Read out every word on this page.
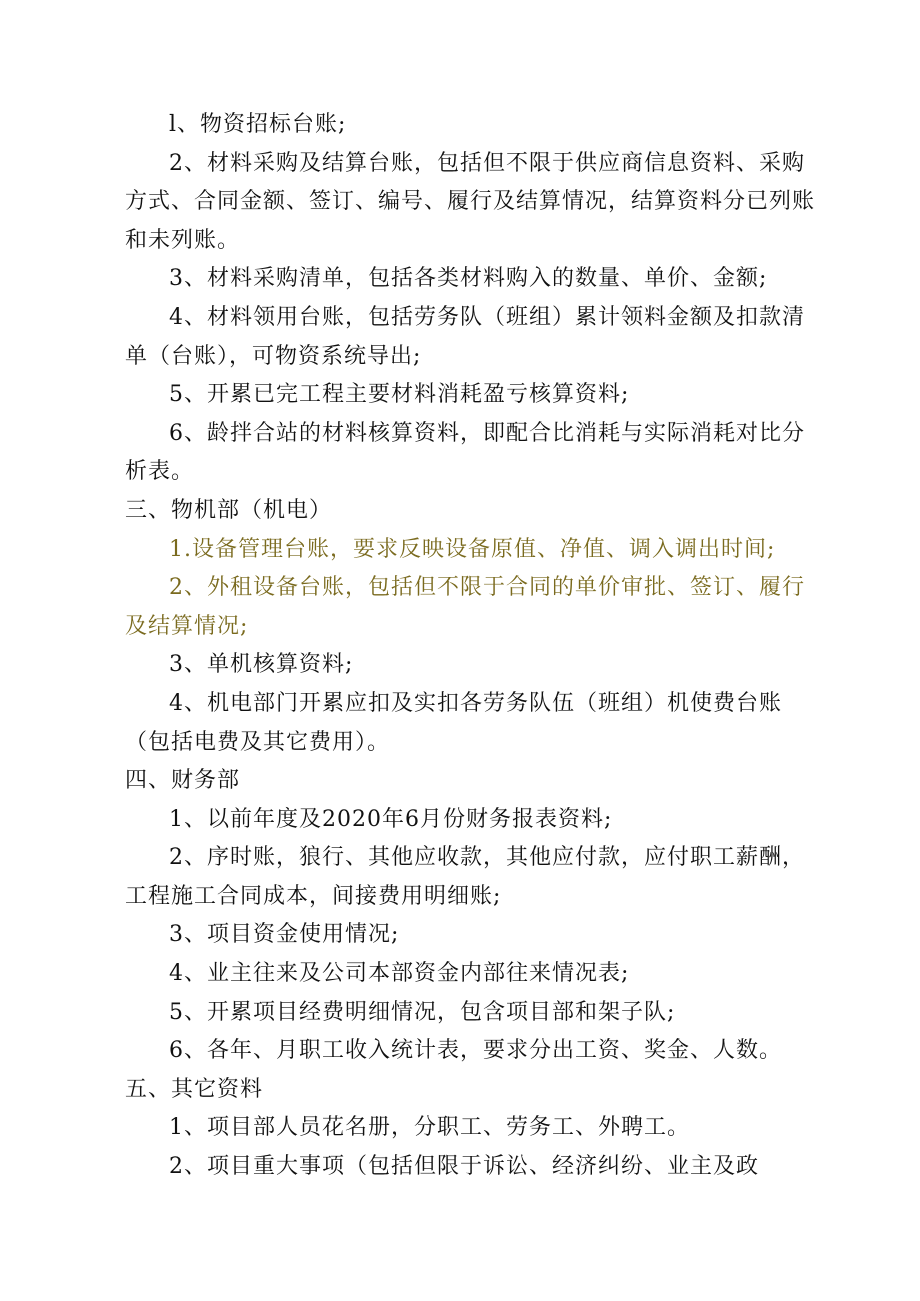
l、物资招标台账;

2、材料采购及结算台账，包括但不限于供应商信息资料、采购方式、合同金额、签订、编号、履行及结算情况，结算资料分已列账和未列账。

3、材料采购清单，包括各类材料购入的数量、单价、金额;

4、材料领用台账，包括劳务队（班组）累计领料金额及扣款清单（台账），可物资系统导出;

5、开累已完工程主要材料消耗盈亏核算资料;

6、龄拌合站的材料核算资料，即配合比消耗与实际消耗对比分析表。

三、物机部（机电）

1.设备管理台账，要求反映设备原值、净值、调入调出时间;

2、外租设备台账，包括但不限于合同的单价审批、签订、履行及结算情况;

3、单机核算资料;

4、机电部门开累应扣及实扣各劳务队伍（班组）机使费台账（包括电费及其它费用）。

四、财务部

1、以前年度及2020年6月份财务报表资料;

2、序时账，狼行、其他应收款，其他应付款，应付职工薪酬，工程施工合同成本，间接费用明细账;

3、项目资金使用情况;

4、业主往来及公司本部资金内部往来情况表;

5、开累项目经费明细情况，包含项目部和架子队;

6、各年、月职工收入统计表，要求分出工资、奖金、人数。五、其它资料

1、项目部人员花名册，分职工、劳务工、外聘工。

2、项目重大事项（包括但限于诉讼、经济纠纷、业主及政
